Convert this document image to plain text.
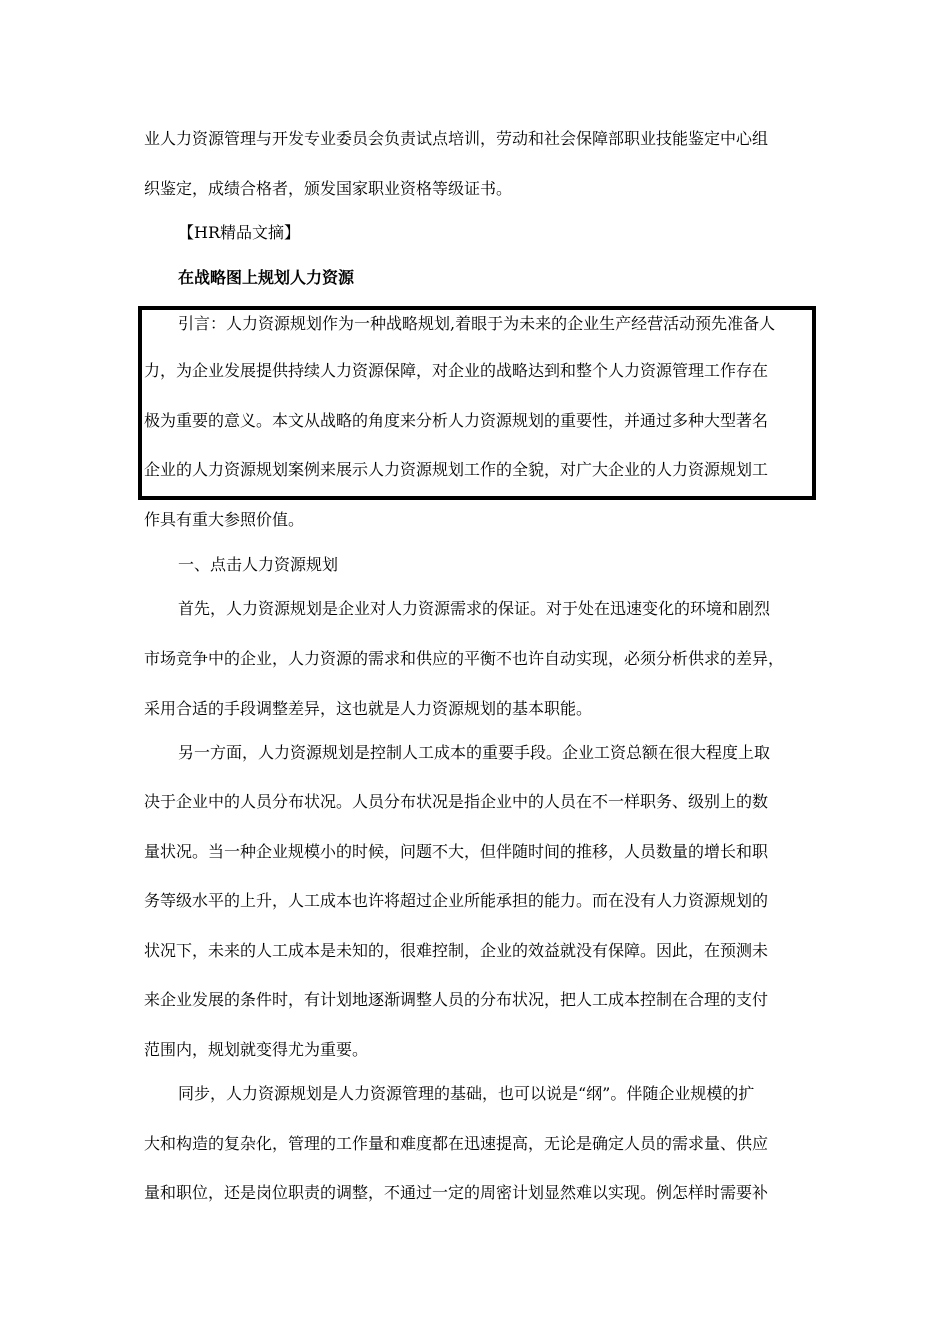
业人力资源管理与开发专业委员会负责试点培训，劳动和社会保障部职业技能鉴定中心组
织鉴定，成绩合格者，颁发国家职业资格等级证书。
【HR精品文摘】
在战略图上规划人力资源
引言：人力资源规划作为一种战略规划,着眼于为未来的企业生产经营活动预先准备人
力，为企业发展提供持续人力资源保障，对企业的战略达到和整个人力资源管理工作存在
极为重要的意义。本文从战略的角度来分析人力资源规划的重要性，并通过多种大型著名
企业的人力资源规划案例来展示人力资源规划工作的全貌，对广大企业的人力资源规划工
作具有重大参照价值。
一、点击人力资源规划
首先，人力资源规划是企业对人力资源需求的保证。对于处在迅速变化的环境和剧烈
市场竞争中的企业，人力资源的需求和供应的平衡不也许自动实现，必须分析供求的差异，
采用合适的手段调整差异，这也就是人力资源规划的基本职能。
另一方面，人力资源规划是控制人工成本的重要手段。企业工资总额在很大程度上取
决于企业中的人员分布状况。人员分布状况是指企业中的人员在不一样职务、级别上的数
量状况。当一种企业规模小的时候，问题不大，但伴随时间的推移，人员数量的增长和职
务等级水平的上升，人工成本也许将超过企业所能承担的能力。而在没有人力资源规划的
状况下，未来的人工成本是未知的，很难控制，企业的效益就没有保障。因此，在预测未
来企业发展的条件时，有计划地逐渐调整人员的分布状况，把人工成本控制在合理的支付
范围内，规划就变得尤为重要。
同步，人力资源规划是人力资源管理的基础，也可以说是“纲”。伴随企业规模的扩
大和构造的复杂化，管理的工作量和难度都在迅速提高，无论是确定人员的需求量、供应
量和职位，还是岗位职责的调整，不通过一定的周密计划显然难以实现。例怎样时需要补
